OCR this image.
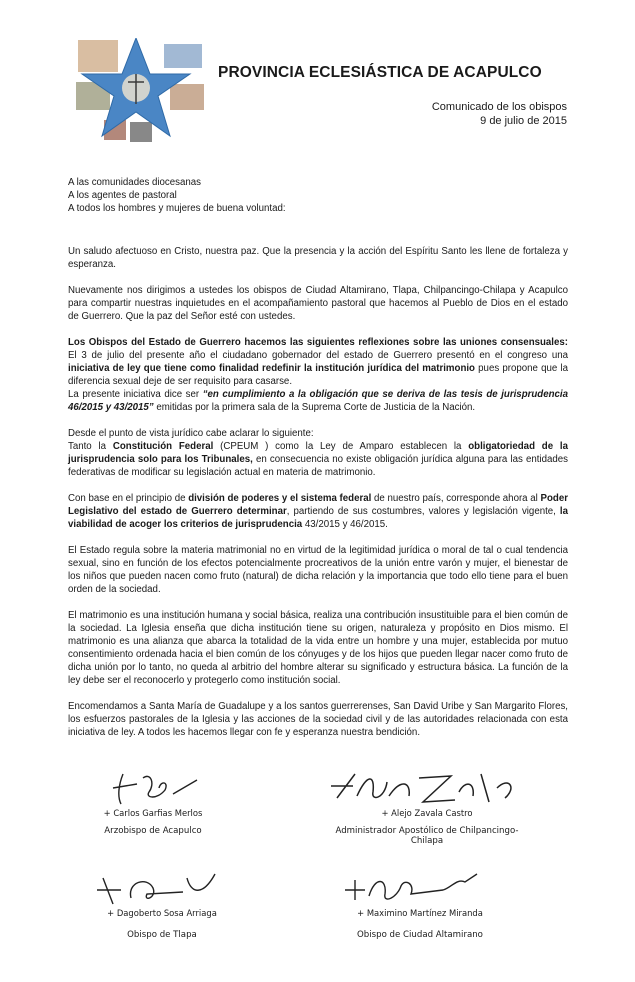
PROVINCIA ECLESIÁSTICA DE ACAPULCO
Comunicado de los obispos
9 de julio de 2015

A las comunidades diocesanas
A los agentes de pastoral
A todos los hombres y mujeres de buena voluntad:

Un saludo afectuoso en Cristo, nuestra paz. Que la presencia y la acción del Espíritu Santo les llene de fortaleza y esperanza.

Nuevamente nos dirigimos a ustedes los obispos de Ciudad Altamirano, Tlapa, Chilpancingo-Chilapa y Acapulco para compartir nuestras inquietudes en el acompañamiento pastoral que hacemos al Pueblo de Dios en el estado de Guerrero. Que la paz del Señor esté con ustedes.

Los Obispos del Estado de Guerrero hacemos las siguientes reflexiones sobre las uniones consensuales: El 3 de julio del presente año el ciudadano gobernador del estado de Guerrero presentó en el congreso una iniciativa de ley que tiene como finalidad redefinir la institución jurídica del matrimonio pues propone que la diferencia sexual deje de ser requisito para casarse.

La presente iniciativa dice ser “en cumplimiento a la obligación que se deriva de las tesis de jurisprudencia 46/2015 y 43/2015” emitidas por la primera sala de la Suprema Corte de Justicia de la Nación.

Desde el punto de vista jurídico cabe aclarar lo siguiente:
Tanto la Constitución Federal (CPEUM ) como la Ley de Amparo establecen la obligatoriedad de la jurisprudencia solo para los Tribunales, en consecuencia no existe obligación jurídica alguna para las entidades federativas de modificar su legislación actual en materia de matrimonio.

Con base en el principio de división de poderes y el sistema federal de nuestro país, corresponde ahora al Poder Legislativo del estado de Guerrero determinar, partiendo de sus costumbres, valores y legislación vigente, la viabilidad de acoger los criterios de jurisprudencia 43/2015 y 46/2015.

El Estado regula sobre la materia matrimonial no en virtud de la legitimidad jurídica o moral de tal o cual tendencia sexual, sino en función de los efectos potencialmente procreativos de la unión entre varón y mujer, el bienestar de los niños que pueden nacen como fruto (natural) de dicha relación y la importancia que todo ello tiene para el buen orden de la sociedad.

El matrimonio es una institución humana y social básica, realiza una contribución insustituible para el bien común de la sociedad. La Iglesia enseña que dicha institución tiene su origen, naturaleza y propósito en Dios mismo. El matrimonio es una alianza que abarca la totalidad de la vida entre un hombre y una mujer, establecida por mutuo consentimiento ordenada hacia el bien común de los cónyuges y de los hijos que pueden llegar nacer como fruto de dicha unión por lo tanto, no queda al arbitrio del hombre alterar su significado y estructura básica. La función de la ley debe ser el reconocerlo y protegerlo como institución social.

Encomendamos a Santa María de Guadalupe y a los santos guerrerenses, San David Uribe y San Margarito Flores, los esfuerzos pastorales de la Iglesia y las acciones de la sociedad civil y de las autoridades relacionada con esta iniciativa de ley. A todos les hacemos llegar con fe y esperanza nuestra bendición.

+ Carlos Garfias Merlos
Arzobispo de Acapulco
+ Alejo Zavala Castro
Administrador Apostólico de Chilpancingo-Chilapa
+ Dagoberto Sosa Arriaga
Obispo de Tlapa
+ Maximino Martínez Miranda
Obispo de Ciudad Altamirano
